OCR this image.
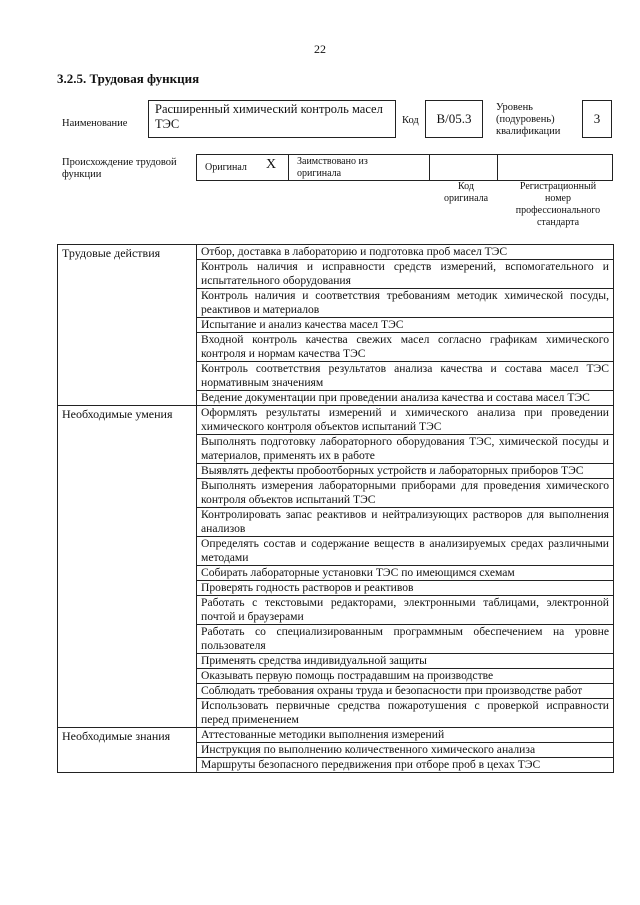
22
3.2.5. Трудовая функция
Наименование
Расширенный химический контроль масел
ТЭС	Код	B/05.3
Уровень
(подуровень)
квалификации
3
Происхождение трудовой
функции
Оригинал X Заимствовано из
оригинала
Код
оригинала
Регистрационный
номер
профессионального
стандарта
Трудовые действия	Отбор, доставка в лабораторию и подготовка проб масел ТЭС
	Контроль наличия и исправности средств измерений, вспомогательного и испытательного оборудования
	Контроль наличия и соответствия требованиям методик химической посуды, реактивов и материалов
	Испытание и анализ качества масел ТЭС
	Входной контроль качества свежих масел согласно графикам химического контроля и нормам качества ТЭС
	Контроль соответствия результатов анализа качества и состава масел ТЭС нормативным значениям
	Ведение документации при проведении анализа качества и состава масел ТЭС
Необходимые умения	Оформлять результаты измерений и химического анализа при проведении химического контроля объектов испытаний ТЭС
	Выполнять подготовку лабораторного оборудования ТЭС, химической посуды и материалов, применять их в работе
	Выявлять дефекты пробоотборных устройств и лабораторных приборов ТЭС
	Выполнять измерения лабораторными приборами для проведения химического контроля объектов испытаний ТЭС
	Контролировать запас реактивов и нейтрализующих растворов для выполнения анализов
	Определять состав и содержание веществ в анализируемых средах различными методами
	Собирать лабораторные установки ТЭС по имеющимся схемам
	Проверять годность растворов и реактивов
	Работать с текстовыми редакторами, электронными таблицами, электронной почтой и браузерами
	Работать со специализированным программным обеспечением на уровне пользователя
	Применять средства индивидуальной защиты
	Оказывать первую помощь пострадавшим на производстве
	Соблюдать требования охраны труда и безопасности при производстве работ
	Использовать первичные средства пожаротушения с проверкой исправности перед применением
Необходимые знания	Аттестованные методики выполнения измерений
	Инструкция по выполнению количественного химического анализа
	Маршруты безопасного передвижения при отборе проб в цехах ТЭС
